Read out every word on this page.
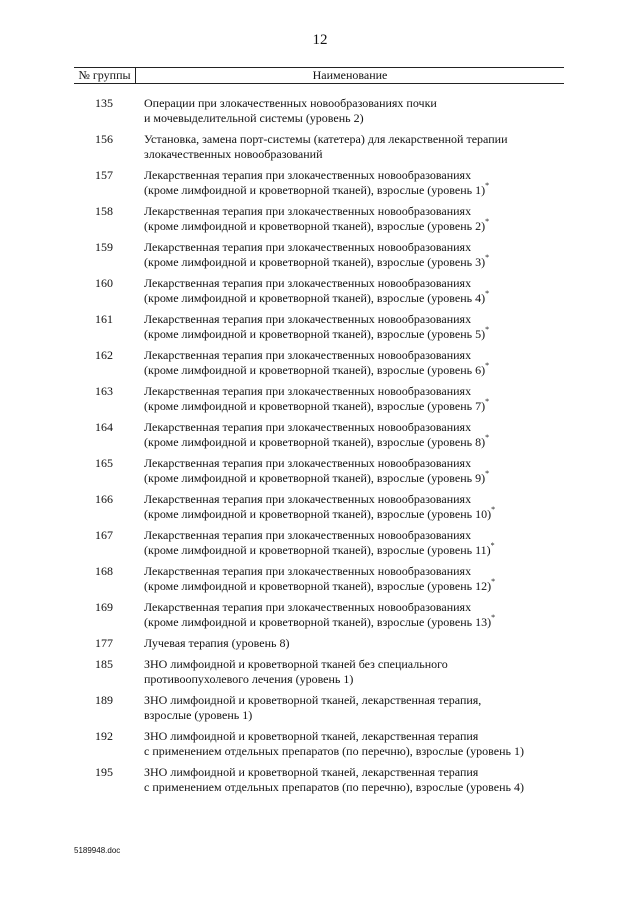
12
№ группы	Наименование
135	Операции при злокачественных новообразованиях почки
и мочевыделительной системы (уровень 2)
156	Установка, замена порт-системы (катетера) для лекарственной терапии
злокачественных новообразований
157	Лекарственная терапия при злокачественных новообразованиях
(кроме лимфоидной и кроветворной тканей), взрослые (уровень 1)*
158	Лекарственная терапия при злокачественных новообразованиях
(кроме лимфоидной и кроветворной тканей), взрослые (уровень 2)*
159	Лекарственная терапия при злокачественных новообразованиях
(кроме лимфоидной и кроветворной тканей), взрослые (уровень 3)*
160	Лекарственная терапия при злокачественных новообразованиях
(кроме лимфоидной и кроветворной тканей), взрослые (уровень 4)*
161	Лекарственная терапия при злокачественных новообразованиях
(кроме лимфоидной и кроветворной тканей), взрослые (уровень 5)*
162	Лекарственная терапия при злокачественных новообразованиях
(кроме лимфоидной и кроветворной тканей), взрослые (уровень 6)*
163	Лекарственная терапия при злокачественных новообразованиях
(кроме лимфоидной и кроветворной тканей), взрослые (уровень 7)*
164	Лекарственная терапия при злокачественных новообразованиях
(кроме лимфоидной и кроветворной тканей), взрослые (уровень 8)*
165	Лекарственная терапия при злокачественных новообразованиях
(кроме лимфоидной и кроветворной тканей), взрослые (уровень 9)*
166	Лекарственная терапия при злокачественных новообразованиях
(кроме лимфоидной и кроветворной тканей), взрослые (уровень 10)*
167	Лекарственная терапия при злокачественных новообразованиях
(кроме лимфоидной и кроветворной тканей), взрослые (уровень 11)*
168	Лекарственная терапия при злокачественных новообразованиях
(кроме лимфоидной и кроветворной тканей), взрослые (уровень 12)*
169	Лекарственная терапия при злокачественных новообразованиях
(кроме лимфоидной и кроветворной тканей), взрослые (уровень 13)*
177	Лучевая терапия (уровень 8)
185	ЗНО лимфоидной и кроветворной тканей без специального
противоопухолевого лечения (уровень 1)
189	ЗНО лимфоидной и кроветворной тканей, лекарственная терапия,
взрослые (уровень 1)
192	ЗНО лимфоидной и кроветворной тканей, лекарственная терапия
с применением отдельных препаратов (по перечню), взрослые (уровень 1)
195	ЗНО лимфоидной и кроветворной тканей, лекарственная терапия
с применением отдельных препаратов (по перечню), взрослые (уровень 4)
5189948.doc
